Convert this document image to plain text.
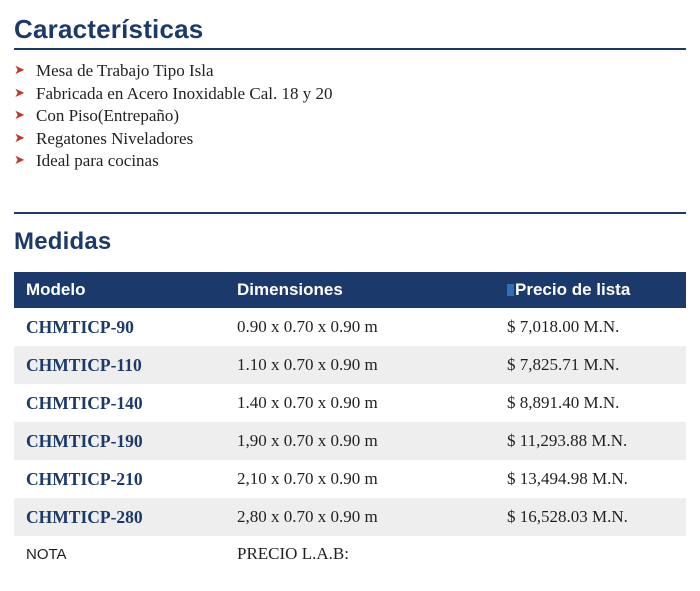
Características
➤ Mesa de Trabajo Tipo Isla
➤ Fabricada en Acero Inoxidable Cal. 18 y 20
➤ Con Piso(Entrepaño)
➤ Regatones Niveladores
➤ Ideal para cocinas
Medidas
Modelo	Dimensiones	Precio de lista
CHMTICP-90	0.90 x 0.70 x 0.90 m	$ 7,018.00 M.N.
CHMTICP-110	1.10 x 0.70 x 0.90 m	$ 7,825.71 M.N.
CHMTICP-140	1.40 x 0.70 x 0.90 m	$ 8,891.40 M.N.
CHMTICP-190	1,90 x 0.70 x 0.90 m	$ 11,293.88 M.N.
CHMTICP-210	2,10 x 0.70 x 0.90 m	$ 13,494.98 M.N.
CHMTICP-280	2,80 x 0.70 x 0.90 m	$ 16,528.03 M.N.
NOTA	PRECIO L.A.B:	
